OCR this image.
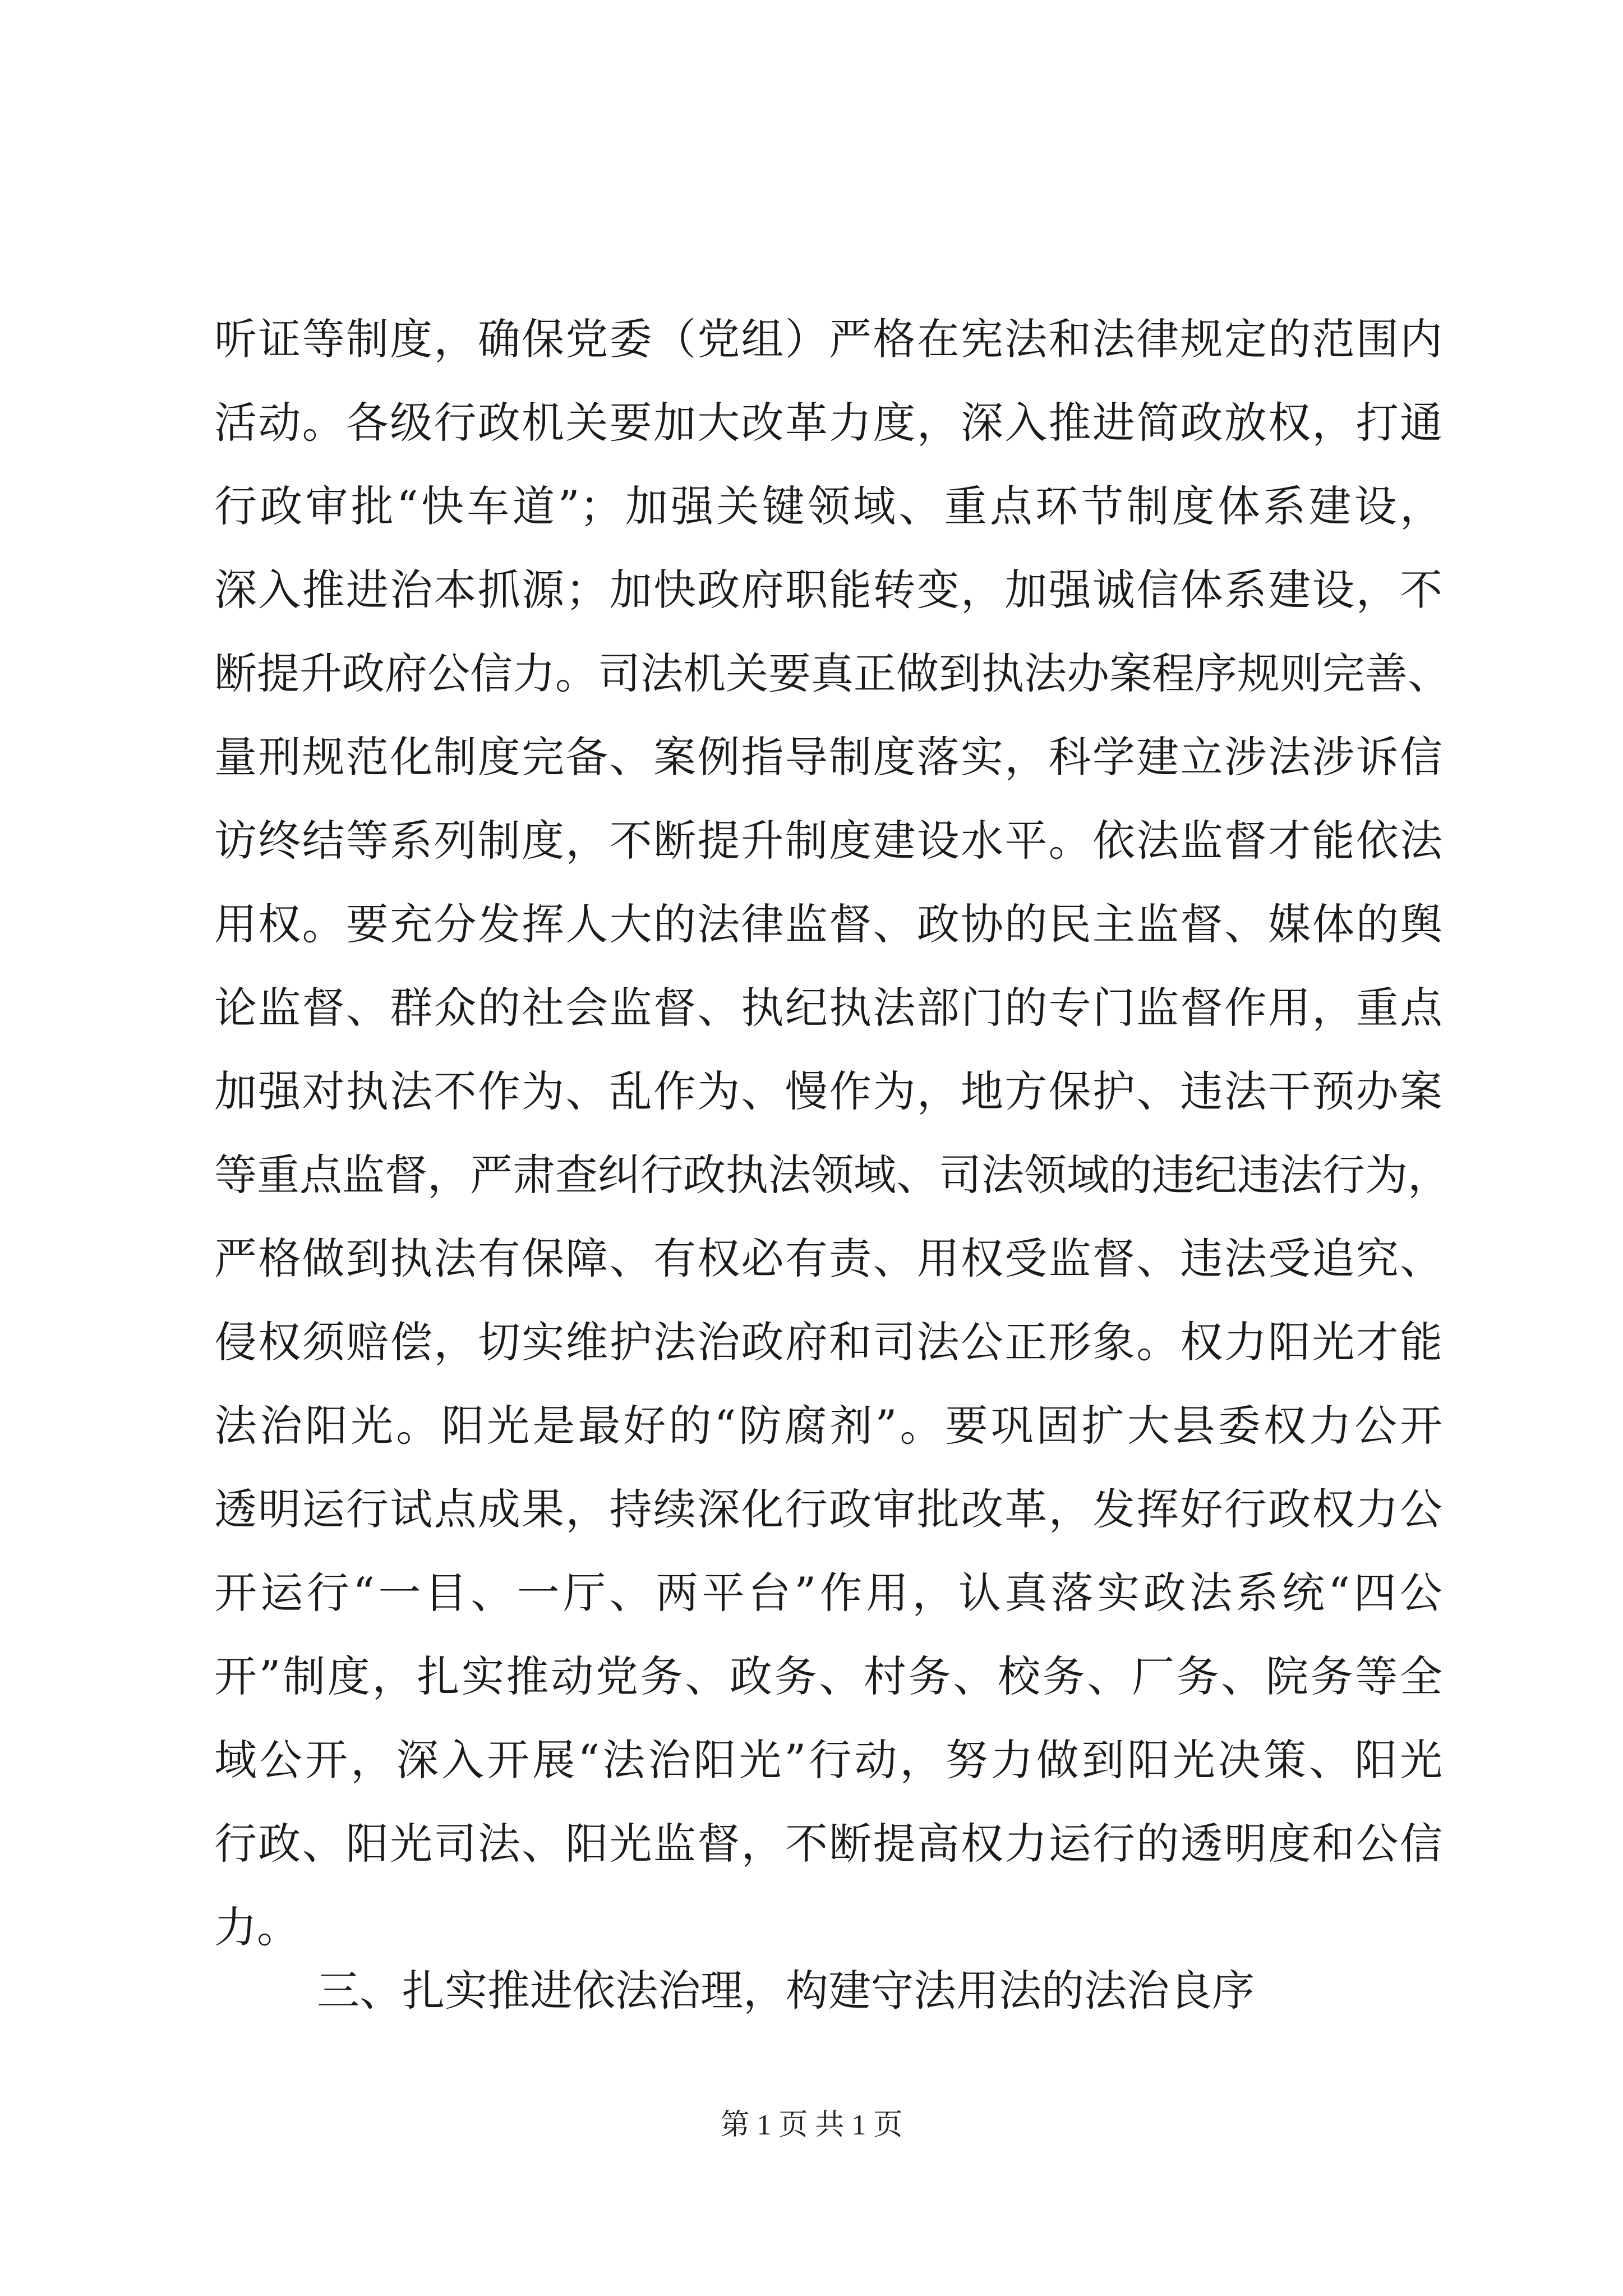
听证等制度，确保党委（党组）严格在宪法和法律规定的范围内
活动。各级行政机关要加大改革力度，深入推进简政放权，打通
行政审批“快车道”；加强关键领域、重点环节制度体系建设，
深入推进治本抓源；加快政府职能转变，加强诚信体系建设，不
断提升政府公信力。司法机关要真正做到执法办案程序规则完善、
量刑规范化制度完备、案例指导制度落实，科学建立涉法涉诉信
访终结等系列制度，不断提升制度建设水平。依法监督才能依法
用权。要充分发挥人大的法律监督、政协的民主监督、媒体的舆
论监督、群众的社会监督、执纪执法部门的专门监督作用，重点
加强对执法不作为、乱作为、慢作为，地方保护、违法干预办案
等重点监督，严肃查纠行政执法领域、司法领域的违纪违法行为，
严格做到执法有保障、有权必有责、用权受监督、违法受追究、
侵权须赔偿，切实维护法治政府和司法公正形象。权力阳光才能
法治阳光。阳光是最好的“防腐剂”。要巩固扩大县委权力公开
透明运行试点成果，持续深化行政审批改革，发挥好行政权力公
开运行“一目、一厅、两平台”作用，认真落实政法系统“四公
开”制度，扎实推动党务、政务、村务、校务、厂务、院务等全
域公开，深入开展“法治阳光”行动，努力做到阳光决策、阳光
行政、阳光司法、阳光监督，不断提高权力运行的透明度和公信
力。
三、扎实推进依法治理，构建守法用法的法治良序
第 1 页 共 1 页
